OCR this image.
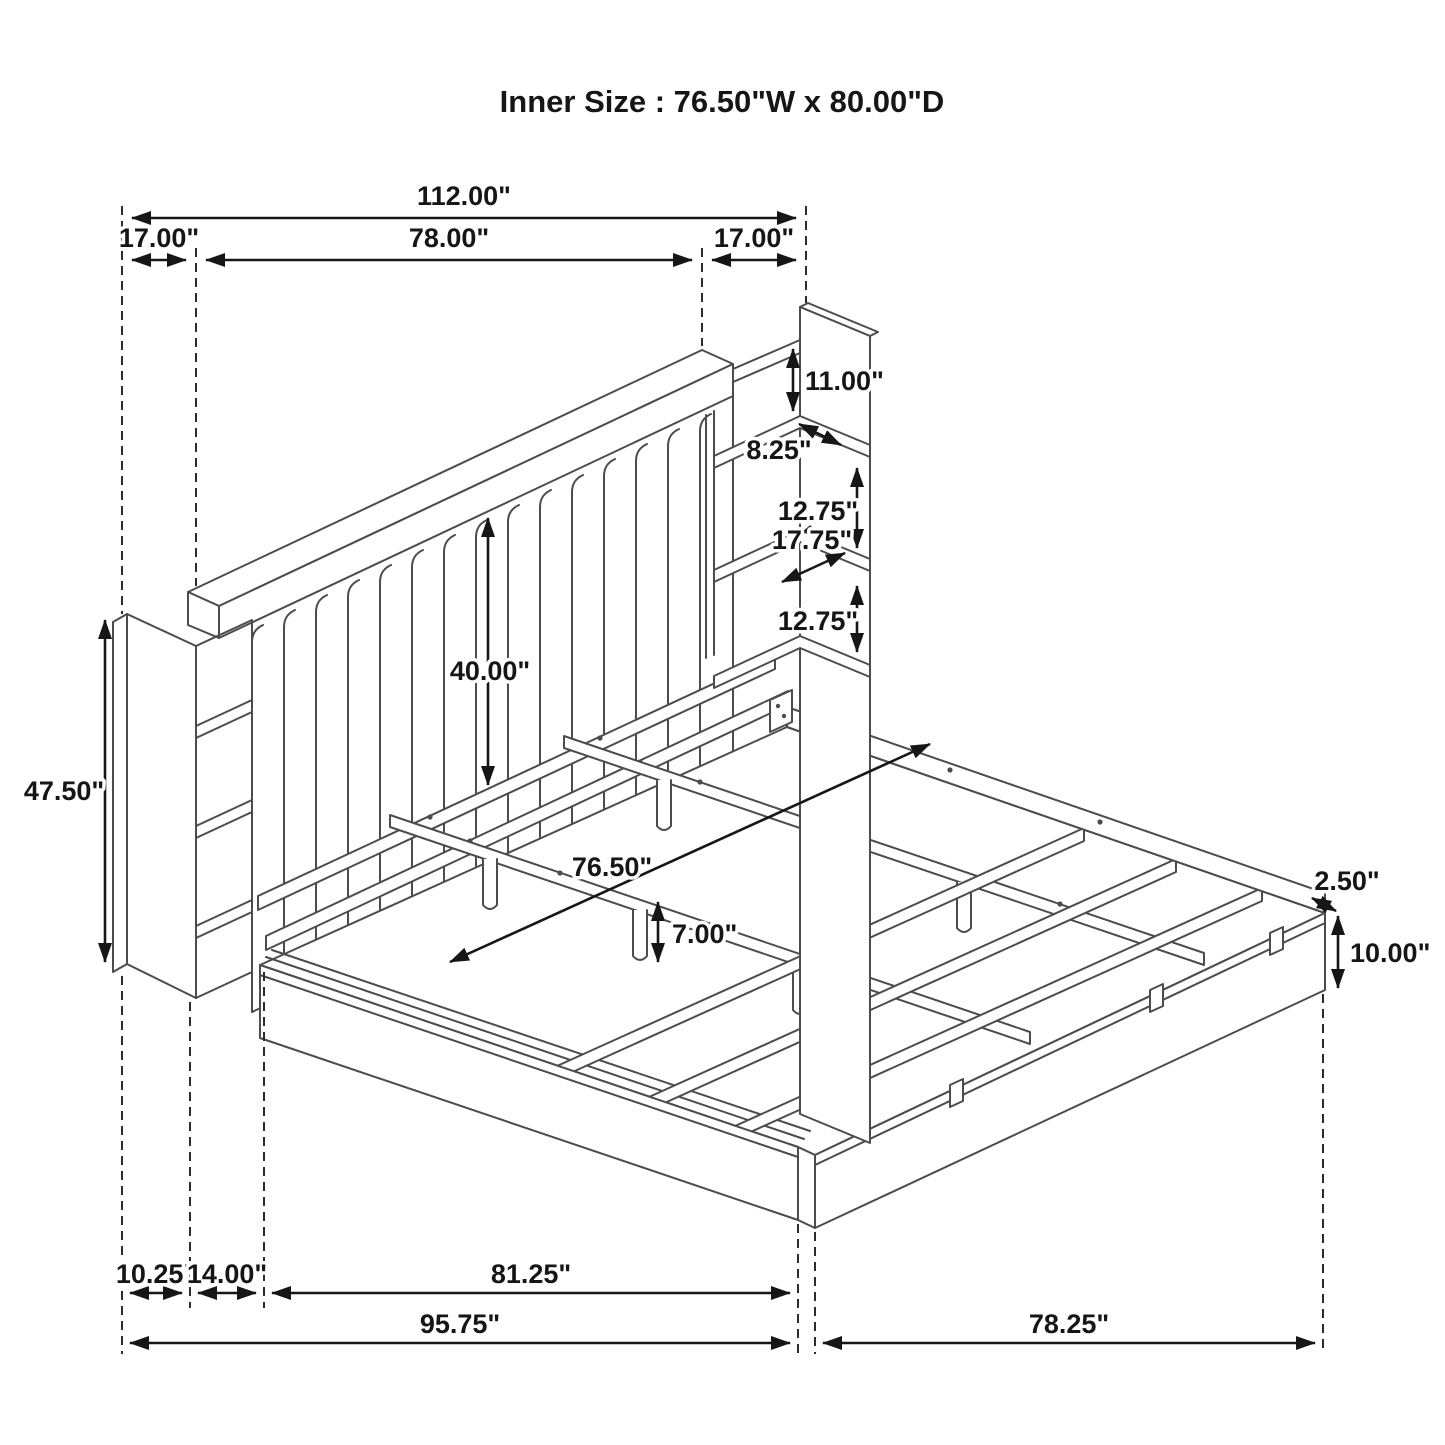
Inner Size : 76.50"W x 80.00"D
112.00"
17.00"	78.00"	17.00"
11.00"
8.25"
12.75"
17.75"
12.75"
40.00"
47.50"
76.50"
7.00"
2.50"
10.00"
10.25"
14.00"	81.25"
95.75"	78.25"
